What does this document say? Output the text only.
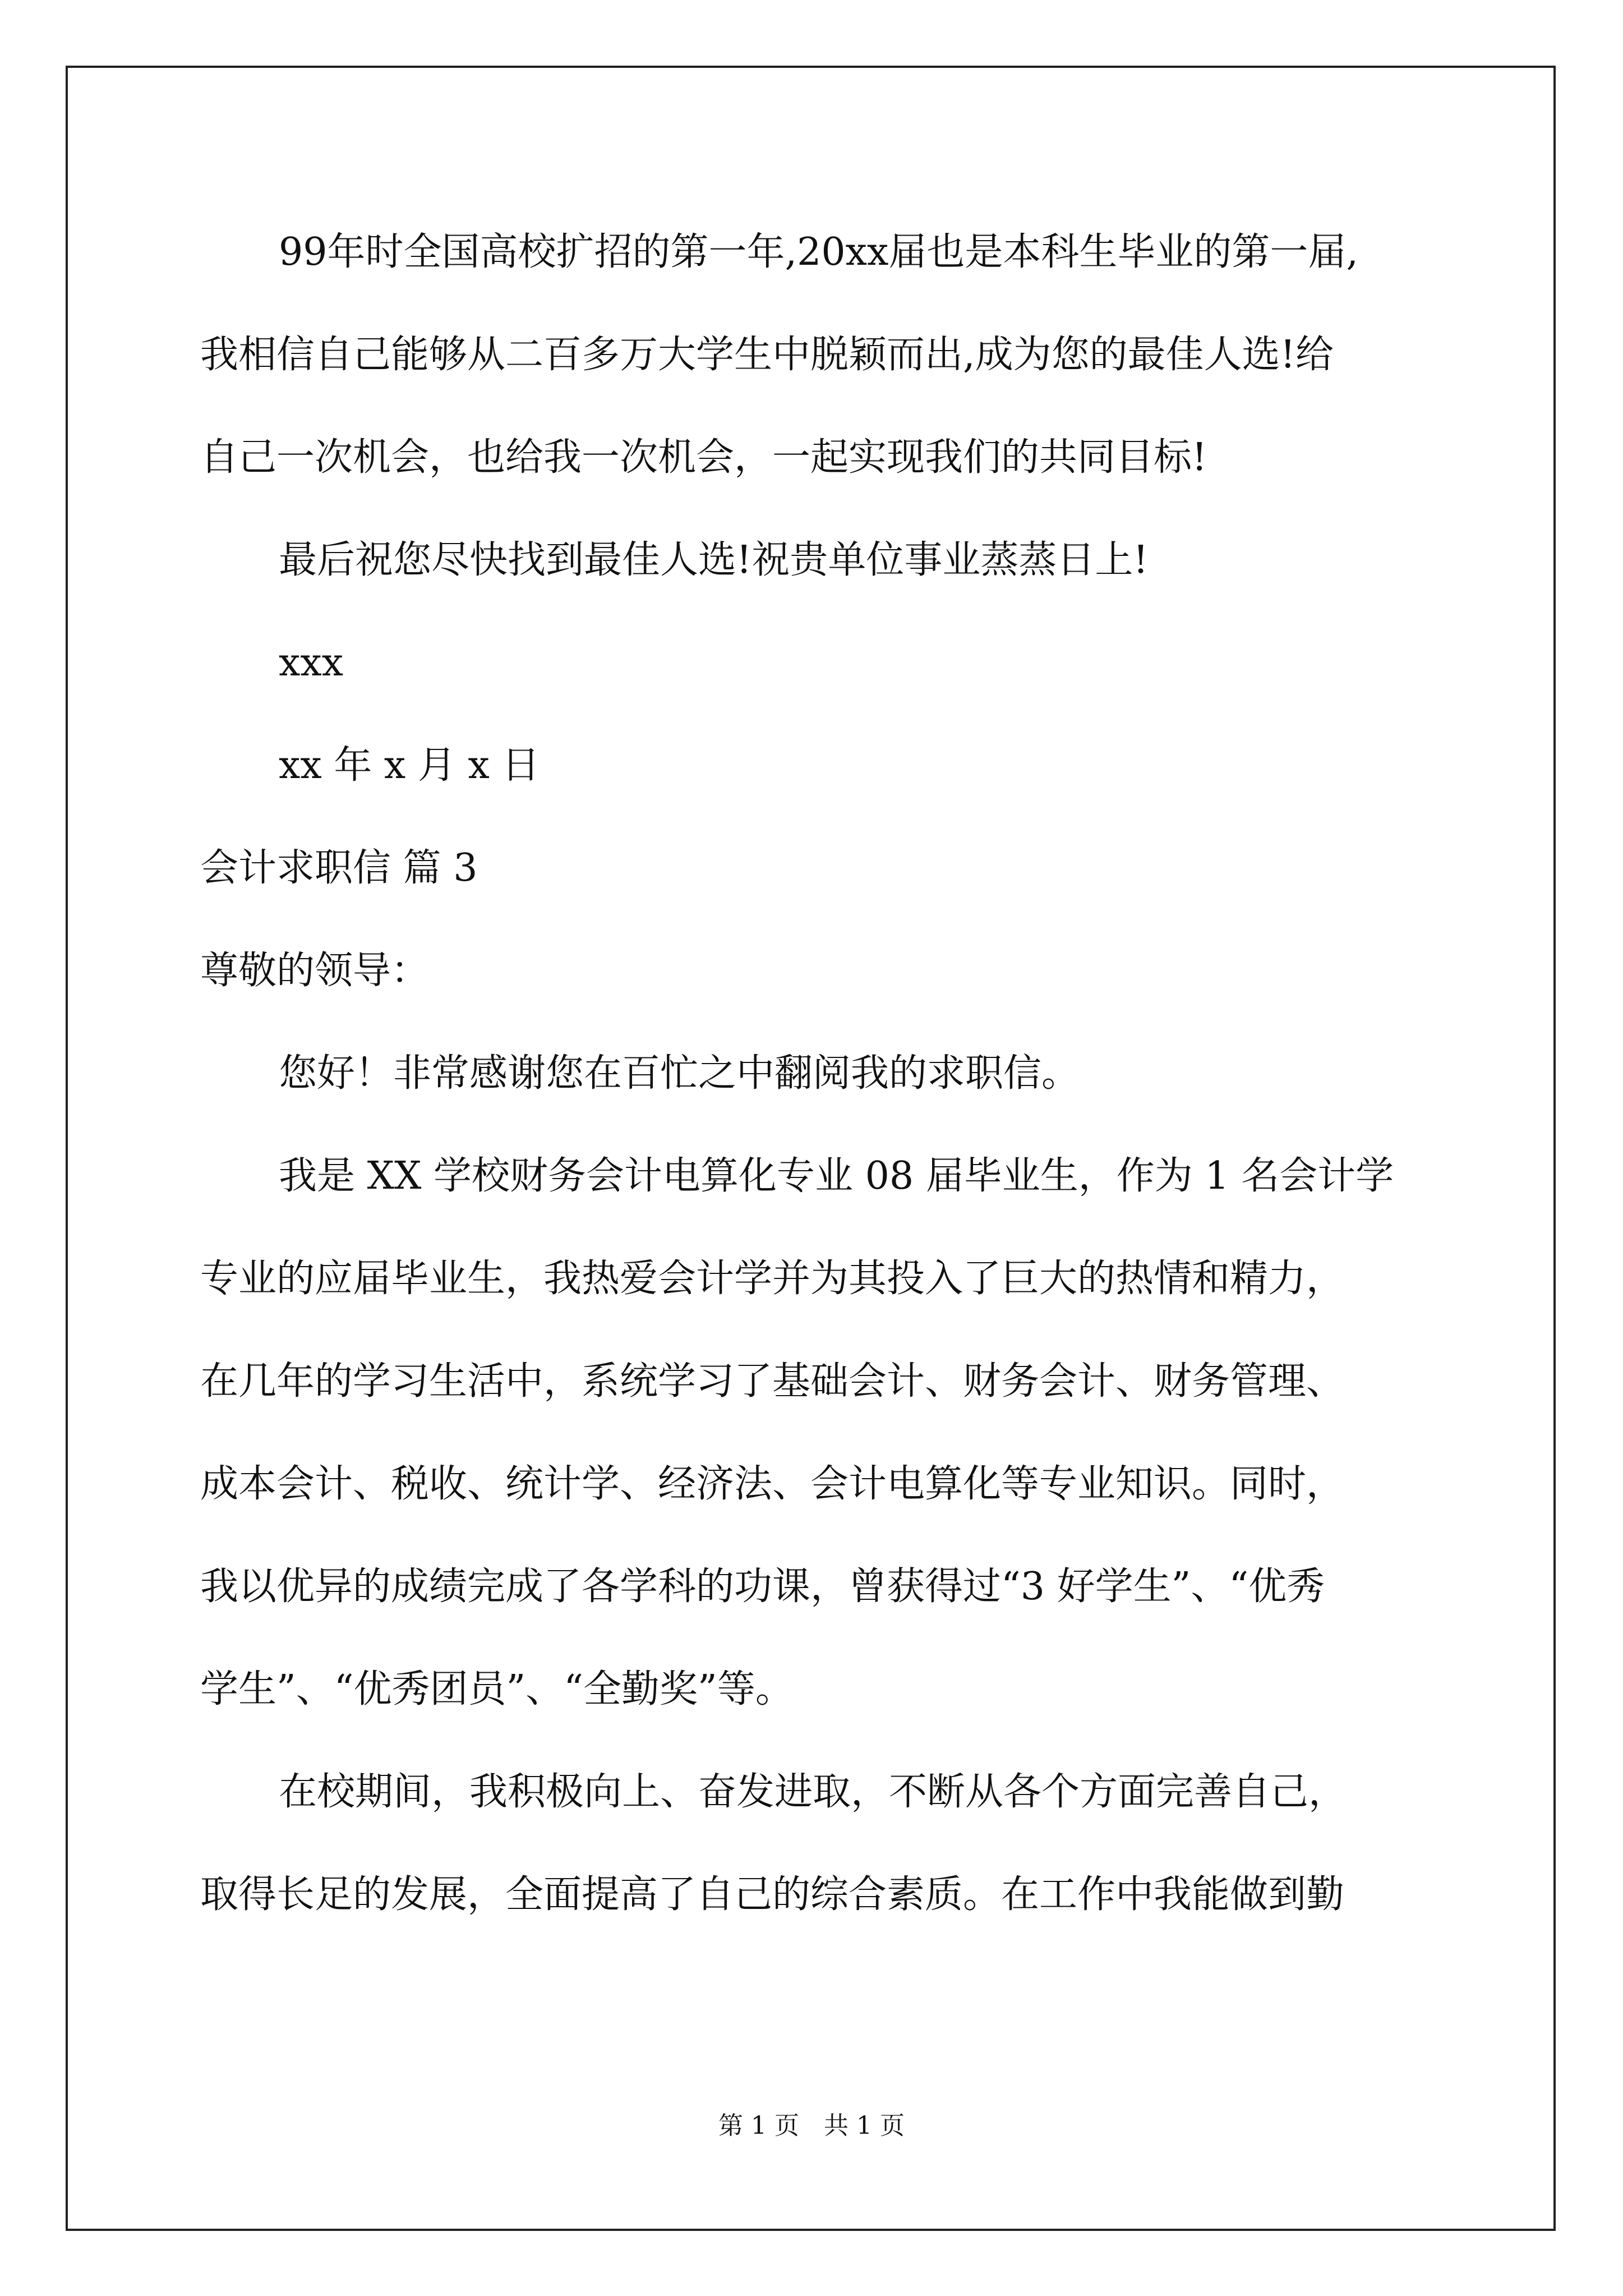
99年时全国高校扩招的第一年,20xx届也是本科生毕业的第一届,
我相信自己能够从二百多万大学生中脱颖而出,成为您的最佳人选!给
自己一次机会，也给我一次机会，一起实现我们的共同目标!
最后祝您尽快找到最佳人选!祝贵单位事业蒸蒸日上!
xxx
xx 年 x 月 x 日
会计求职信 篇 3
尊敬的领导：
您好！非常感谢您在百忙之中翻阅我的求职信。
我是 XX 学校财务会计电算化专业 08 届毕业生，作为 1 名会计学
专业的应届毕业生，我热爱会计学并为其投入了巨大的热情和精力，
在几年的学习生活中，系统学习了基础会计、财务会计、财务管理、
成本会计、税收、统计学、经济法、会计电算化等专业知识。同时，
我以优异的成绩完成了各学科的功课，曾获得过“3 好学生”、“优秀
学生”、“优秀团员”、“全勤奖”等。
在校期间，我积极向上、奋发进取，不断从各个方面完善自己，
取得长足的发展，全面提高了自己的综合素质。在工作中我能做到勤
第 1 页　共 1 页
